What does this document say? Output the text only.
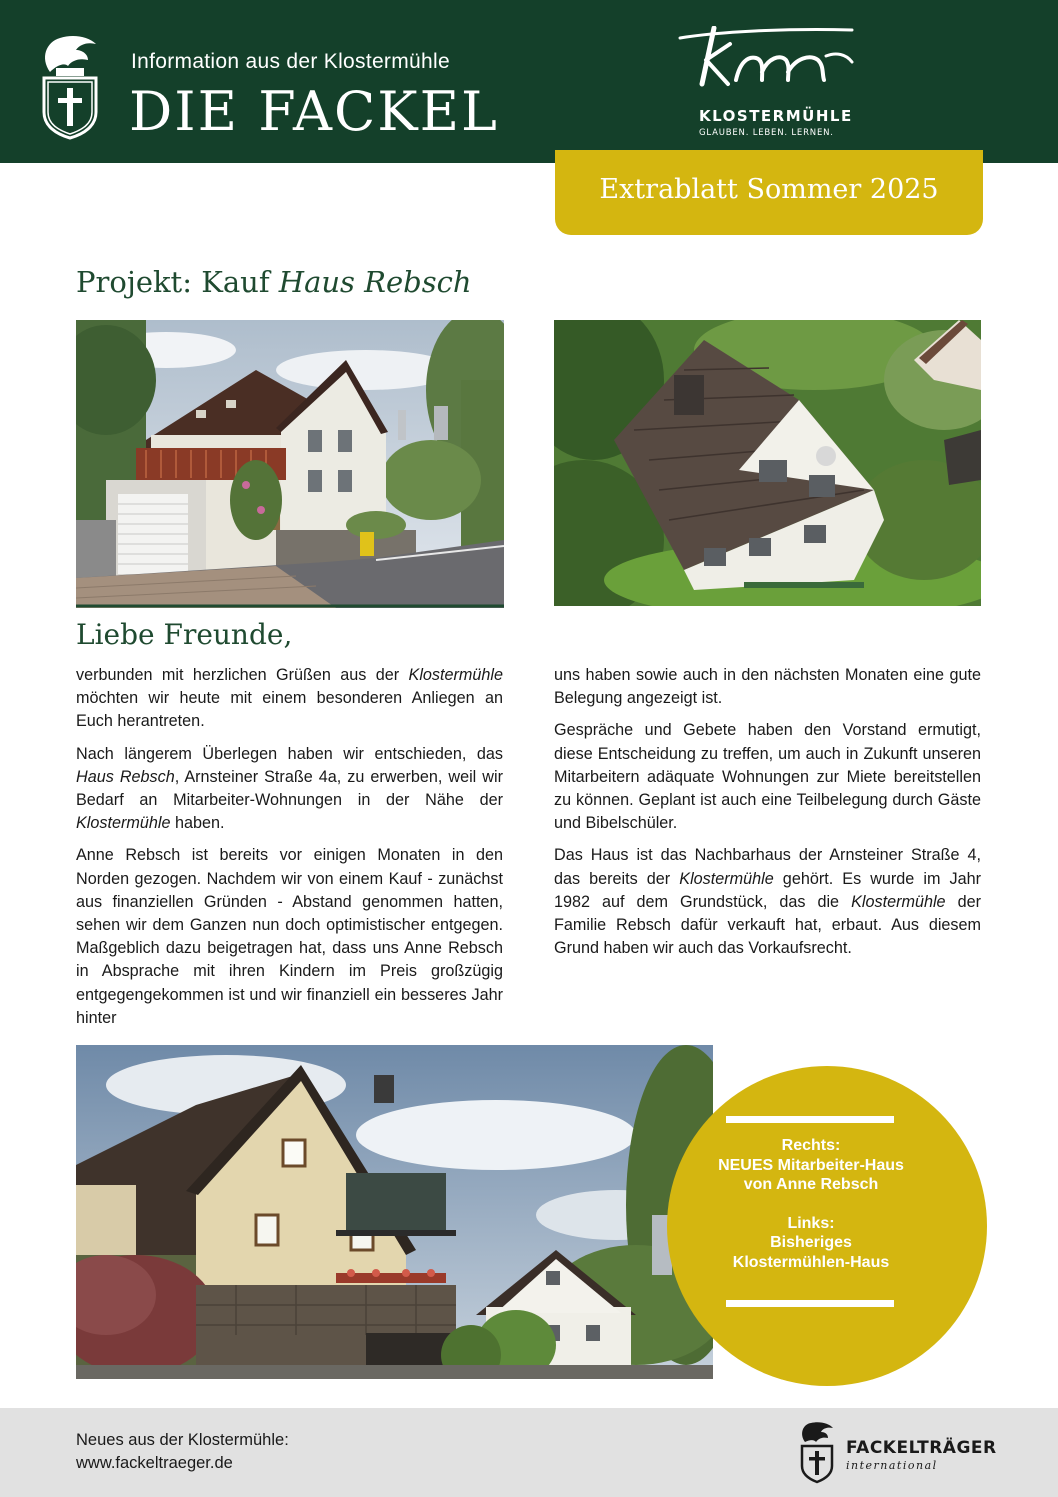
Information aus der Klostermühle
DIE FACKEL	KLOSTERMÜHLE
GLAUBEN. LEBEN. LERNEN.
Extrablatt Sommer 2025
Projekt: Kauf Haus Rebsch
Liebe Freunde,

verbunden mit herzlichen Grüßen aus der Klostermühle möchten wir heute mit einem besonderen Anliegen an Euch herantreten.

Nach längerem Überlegen haben wir entschieden, das Haus Rebsch, Arnsteiner Straße 4a, zu erwerben, weil wir Bedarf an Mitarbeiter-Wohnungen in der Nähe der Klostermühle haben.

Anne Rebsch ist bereits vor einigen Monaten in den Norden gezogen. Nachdem wir von einem Kauf - zunächst aus finanziellen Gründen - Abstand genommen hatten, sehen wir dem Ganzen nun doch optimistischer entgegen. Maßgeblich dazu beigetragen hat, dass uns Anne Rebsch in Absprache mit ihren Kindern im Preis großzügig entgegengekommen ist und wir finanziell ein besseres Jahr hinter

uns haben sowie auch in den nächsten Monaten eine gute Belegung angezeigt ist.

Gespräche und Gebete haben den Vorstand ermutigt, diese Entscheidung zu treffen, um auch in Zukunft unseren Mitarbeitern adäquate Wohnungen zur Miete bereitstellen zu können. Geplant ist auch eine Teilbelegung durch Gäste und Bibelschüler.

Das Haus ist das Nachbarhaus der Arnsteiner Straße 4, das bereits der Klostermühle gehört. Es wurde im Jahr 1982 auf dem Grundstück, das die Klostermühle der Familie Rebsch dafür verkauft hat, erbaut. Aus diesem Grund haben wir auch das Vorkaufsrecht.

Rechts:
NEUES Mitarbeiter-Haus
von Anne Rebsch
Links:
Bisheriges
Klostermühlen-Haus
Neues aus der Klostermühle:
www.fackeltraeger.de
FACKELTRÄGER
international
